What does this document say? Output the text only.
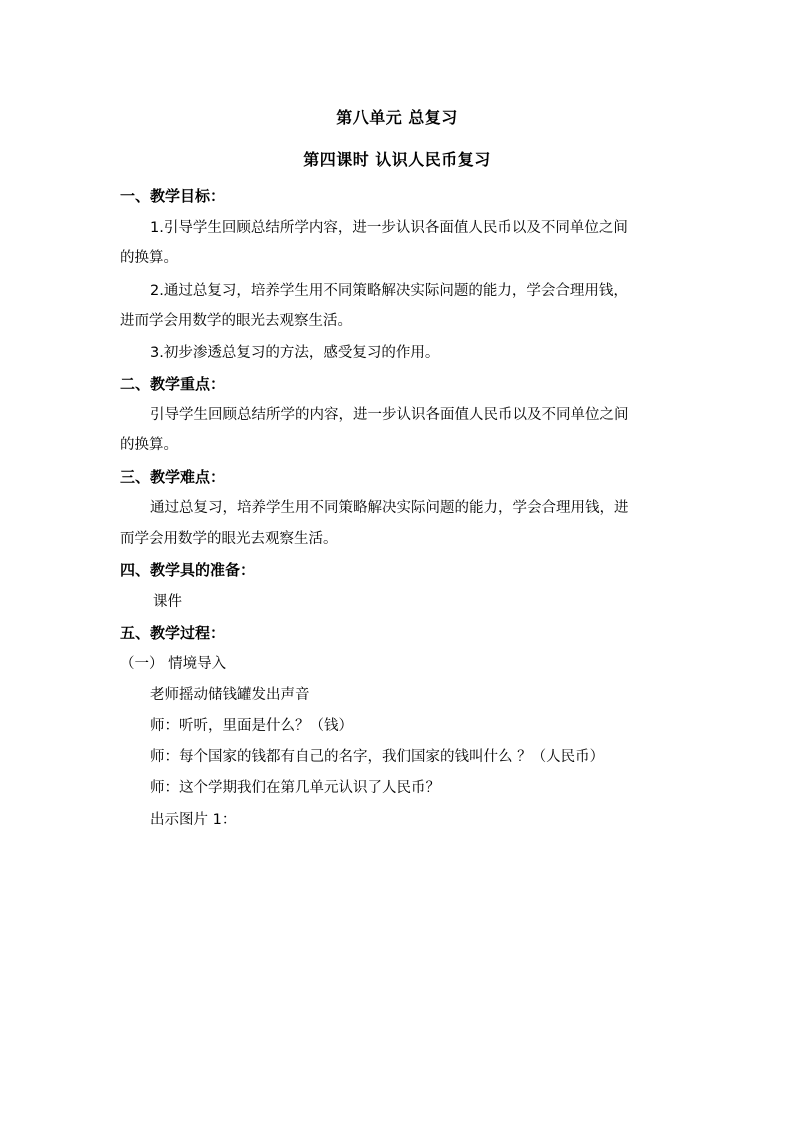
第八单元 总复习
第四课时 认识人民币复习
一、教学目标：
1.引导学生回顾总结所学内容，进一步认识各面值人民币以及不同单位之间
的换算。
2.通过总复习，培养学生用不同策略解决实际问题的能力，学会合理用钱，
进而学会用数学的眼光去观察生活。
3.初步渗透总复习的方法，感受复习的作用。
二、教学重点：
引导学生回顾总结所学的内容，进一步认识各面值人民币以及不同单位之间
的换算。
三、教学难点：
通过总复习，培养学生用不同策略解决实际问题的能力，学会合理用钱，进
而学会用数学的眼光去观察生活。
四、教学具的准备：
课件
五、教学过程：
（一） 情境导入
老师摇动储钱罐发出声音
师：听听，里面是什么？（钱）
师：每个国家的钱都有自己的名字，我们国家的钱叫什么 ？（人民币）
师：这个学期我们在第几单元认识了人民币？
出示图片 1：
